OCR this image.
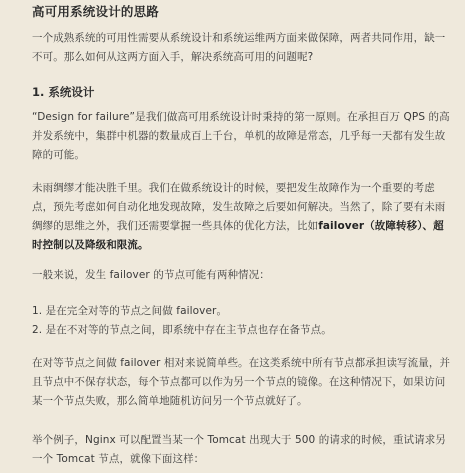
高可用系统设计的思路

一个成熟系统的可用性需要从系统设计和系统运维两方面来做保障，两者共同作用，缺一不可。那么如何从这两方面入手，解决系统高可用的问题呢?

1. 系统设计

“Design for failure”是我们做高可用系统设计时秉持的第一原则。在承担百万 QPS 的高并发系统中，集群中机器的数量成百上千台，单机的故障是常态，几乎每一天都有发生故障的可能。

未雨绸缪才能决胜千里。我们在做系统设计的时候，要把发生故障作为一个重要的考虑点，预先考虑如何自动化地发现故障，发生故障之后要如何解决。当然了，除了要有未雨绸缪的思维之外，我们还需要掌握一些具体的优化方法，比如failover（故障转移）、超时控制以及降级和限流。

一般来说，发生 failover 的节点可能有两种情况：

1. 是在完全对等的节点之间做 failover。
2. 是在不对等的节点之间，即系统中存在主节点也存在备节点。

在对等节点之间做 failover 相对来说简单些。在这类系统中所有节点都承担读写流量，并且节点中不保存状态，每个节点都可以作为另一个节点的镜像。在这种情况下，如果访问某一个节点失败，那么简单地随机访问另一个节点就好了。

举个例子，Nginx 可以配置当某一个 Tomcat 出现大于 500 的请求的时候，重试请求另一个 Tomcat 节点，就像下面这样：
